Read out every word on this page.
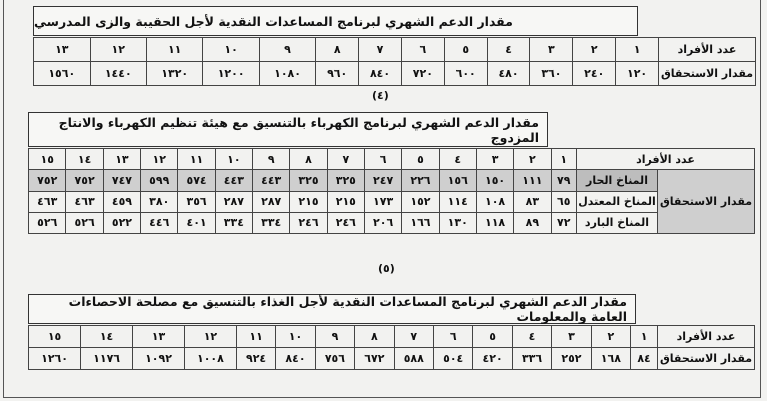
مقدار الدعم الشهري لبرنامج المساعدات النقدية لأجل الحقيبة والزى المدرسي
عدد الأفراد	١	٢	٣	٤	٥	٦	٧	٨	٩	١٠	١١	١٢	١٣
مقدار الاستحقاق	١٢٠	٢٤٠	٣٦٠	٤٨٠	٦٠٠	٧٢٠	٨٤٠	٩٦٠	١٠٨٠	١٢٠٠	١٣٢٠	١٤٤٠	١٥٦٠
(٤)
مقدار الدعم الشهري لبرنامج الكهرباء بالتنسيق مع هيئة تنظيم الكهرباء والانتاج المزدوج
عدد الأفراد		١	٢	٣	٤	٥	٦	٧	٨	٩	١٠	١١	١٢	١٣	١٤	١٥
مقدار الاستحقاق	المناخ الحار	٧٩	١١١	١٥٠	١٥٦	٢٢٦	٢٤٧	٣٢٥	٣٢٥	٤٤٣	٤٤٣	٥٧٤	٥٩٩	٧٤٧	٧٥٢	٧٥٢
	المناخ المعتدل	٦٥	٨٣	١٠٨	١١٤	١٥٢	١٧٣	٢١٥	٢١٥	٢٨٧	٢٨٧	٣٥٦	٣٨٠	٤٥٩	٤٦٣	٤٦٣
	المناخ البارد	٧٢	٨٩	١١٨	١٣٠	١٦٦	٢٠٦	٢٤٦	٢٤٦	٣٣٤	٣٣٤	٤٠١	٤٤٦	٥٢٢	٥٢٦	٥٢٦
(٥)
مقدار الدعم الشهري لبرنامج المساعدات النقدية لأجل الغذاء بالتنسيق مع مصلحة الاحصاءات العامة والمعلومات
عدد الأفراد	١	٢	٣	٤	٥	٦	٧	٨	٩	١٠	١١	١٢	١٣	١٤	١٥
مقدار الاستحقاق	٨٤	١٦٨	٢٥٢	٣٣٦	٤٢٠	٥٠٤	٥٨٨	٦٧٢	٧٥٦	٨٤٠	٩٢٤	١٠٠٨	١٠٩٢	١١٧٦	١٢٦٠
